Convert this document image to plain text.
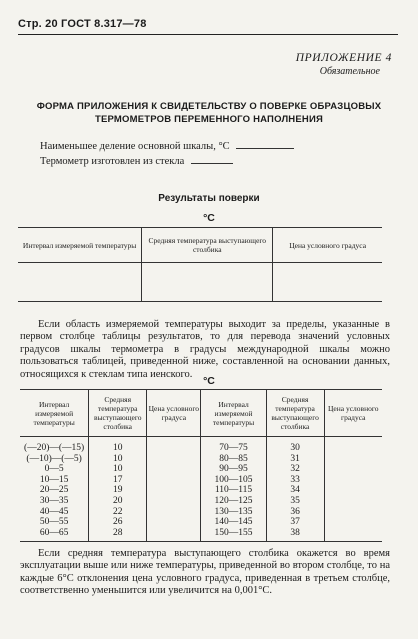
Стр. 20 ГОСТ 8.317—78
ПРИЛОЖЕНИЕ 4
Обязательное
ФОРМА ПРИЛОЖЕНИЯ К СВИДЕТЕЛЬСТВУ О ПОВЕРКЕ ОБРАЗЦОВЫХ
ТЕРМОМЕТРОВ ПЕРЕМЕННОГО НАПОЛНЕНИЯ
Наименьшее деление основной шкалы, °С
Термометр изготовлен из стекла
Результаты поверки
°С
Интервал измеряемой температуры	Средняя температура выступающего столбика	Цена условного градуса

Если область измеряемой температуры выходит за пределы, указанные в первом столбце таблицы результатов, то для перевода значений условных градусов шкалы термометра в градусы международной шкалы можно пользоваться таблицей, приведенной ниже, составленной на основании данных, относящихся к стеклам типа иенского.
°С
Интервал измеряемой температуры	Средняя температура выступающего столбика	Цена условного градуса	Интервал измеряемой температуры	Средняя температура выступающего столбика	Цена условного градуса
(—20)—(—15)	10		70—75	30	
(—10)—(—5)	10		80—85	31	
0—5	10		90—95	32	
10—15	17		100—105	33	
20—25	19		110—115	34	
30—35	20		120—125	35	
40—45	22		130—135	36	
50—55	26		140—145	37	
60—65	28		150—155	38	
Если средняя температура выступающего столбика окажется во время эксплуатации выше или ниже температуры, приведенной во втором столбце, то на каждые 6°С отклонения цена условного градуса, приведенная в третьем столбце, соответственно уменьшится или увеличится на 0,001°С.
